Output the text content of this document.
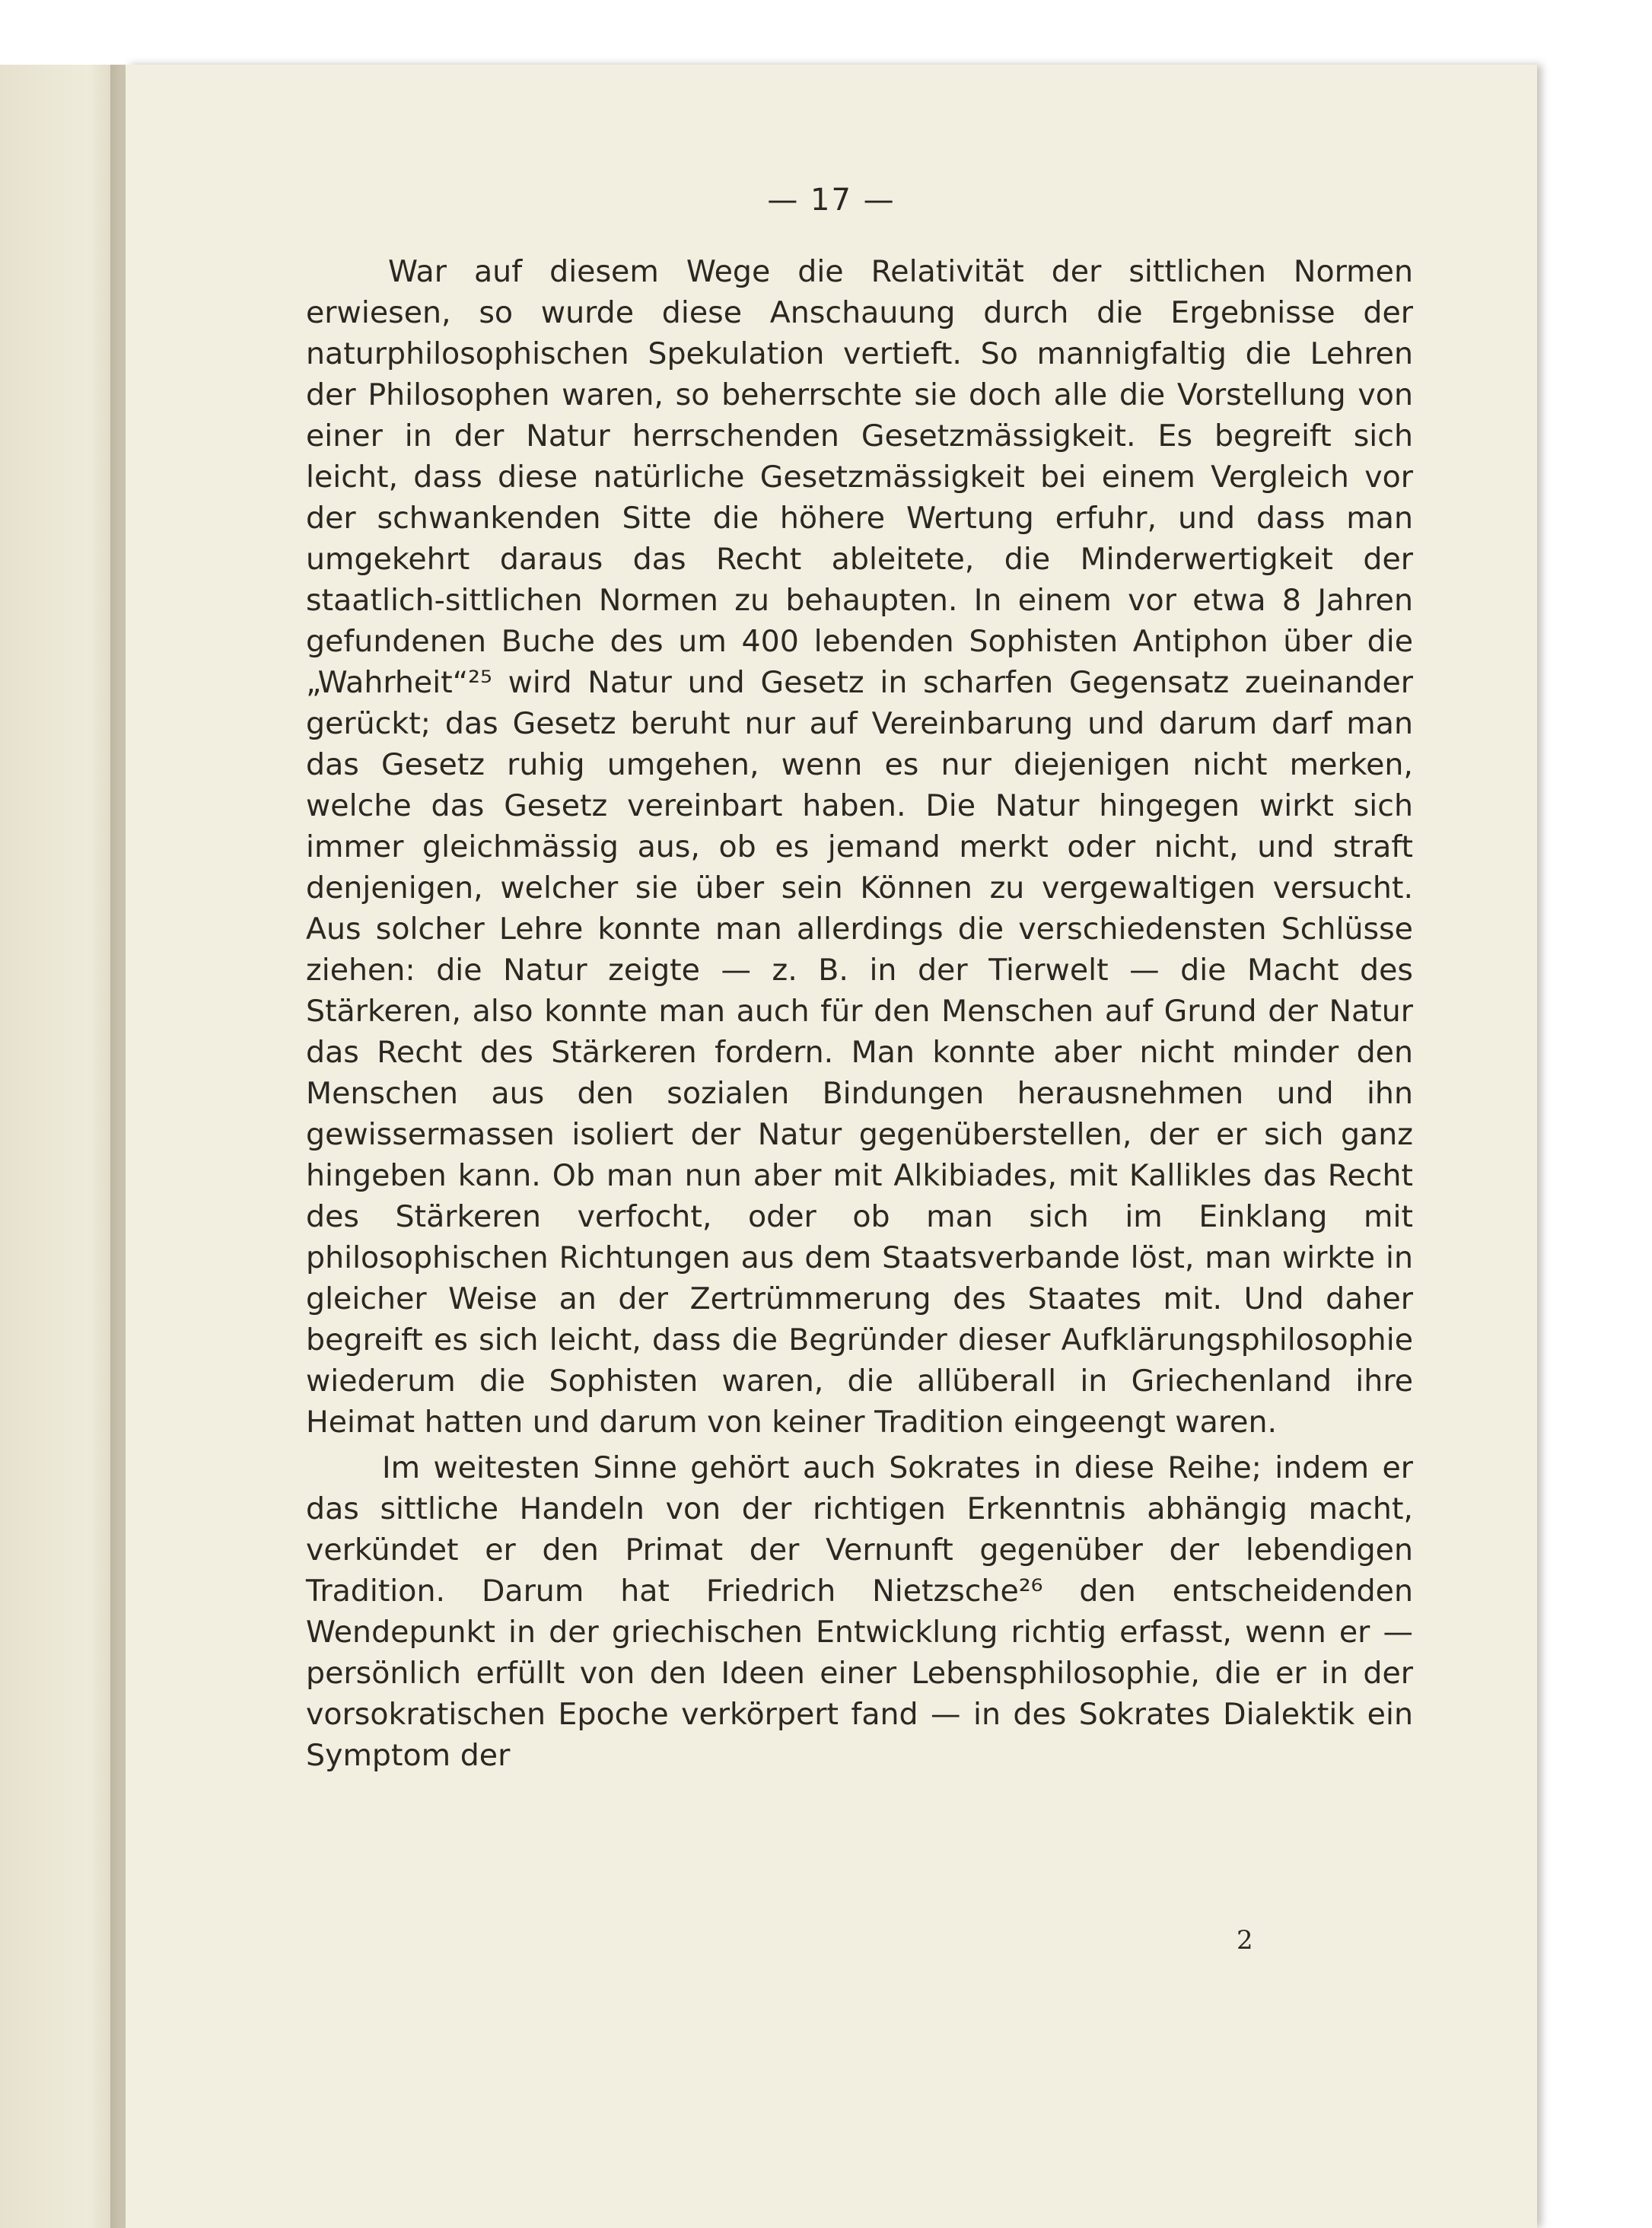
— 17 —

War auf diesem Wege die Relativität der sittlichen Normen erwiesen, so wurde diese Anschauung durch die Ergebnisse der naturphilosophischen Spekulation vertieft. So mannigfaltig die Lehren der Philosophen waren, so beherrschte sie doch alle die Vorstellung von einer in der Natur herrschenden Gesetzmässigkeit. Es begreift sich leicht, dass diese natürliche Gesetzmässigkeit bei einem Vergleich vor der schwankenden Sitte die höhere Wertung erfuhr, und dass man umgekehrt daraus das Recht ableitete, die Minderwertigkeit der staatlich-sittlichen Normen zu behaupten. In einem vor etwa 8 Jahren gefundenen Buche des um 400 lebenden Sophisten Antiphon über die „Wahrheit“²⁵ wird Natur und Gesetz in scharfen Gegensatz zueinander gerückt; das Gesetz beruht nur auf Vereinbarung und darum darf man das Gesetz ruhig umgehen, wenn es nur diejenigen nicht merken, welche das Gesetz vereinbart haben. Die Natur hingegen wirkt sich immer gleichmässig aus, ob es jemand merkt oder nicht, und straft denjenigen, welcher sie über sein Können zu vergewaltigen versucht. Aus solcher Lehre konnte man allerdings die verschiedensten Schlüsse ziehen: die Natur zeigte — z. B. in der Tierwelt — die Macht des Stärkeren, also konnte man auch für den Menschen auf Grund der Natur das Recht des Stärkeren fordern. Man konnte aber nicht minder den Menschen aus den sozialen Bindungen herausnehmen und ihn gewissermassen isoliert der Natur gegenüberstellen, der er sich ganz hingeben kann. Ob man nun aber mit Alkibiades, mit Kallikles das Recht des Stärkeren verfocht, oder ob man sich im Einklang mit philosophischen Richtungen aus dem Staatsverbande löst, man wirkte in gleicher Weise an der Zertrümmerung des Staates mit. Und daher begreift es sich leicht, dass die Begründer dieser Aufklärungsphilosophie wiederum die Sophisten waren, die allüberall in Griechenland ihre Heimat hatten und darum von keiner Tradition eingeengt waren.

Im weitesten Sinne gehört auch Sokrates in diese Reihe; indem er das sittliche Handeln von der richtigen Erkenntnis abhängig macht, verkündet er den Primat der Vernunft gegenüber der lebendigen Tradition. Darum hat Friedrich Nietzsche²⁶ den entscheidenden Wendepunkt in der griechischen Entwicklung richtig erfasst, wenn er — persönlich erfüllt von den Ideen einer Lebensphilosophie, die er in der vorsokratischen Epoche verkörpert fand — in des Sokrates Dialektik ein Symptom der

2
